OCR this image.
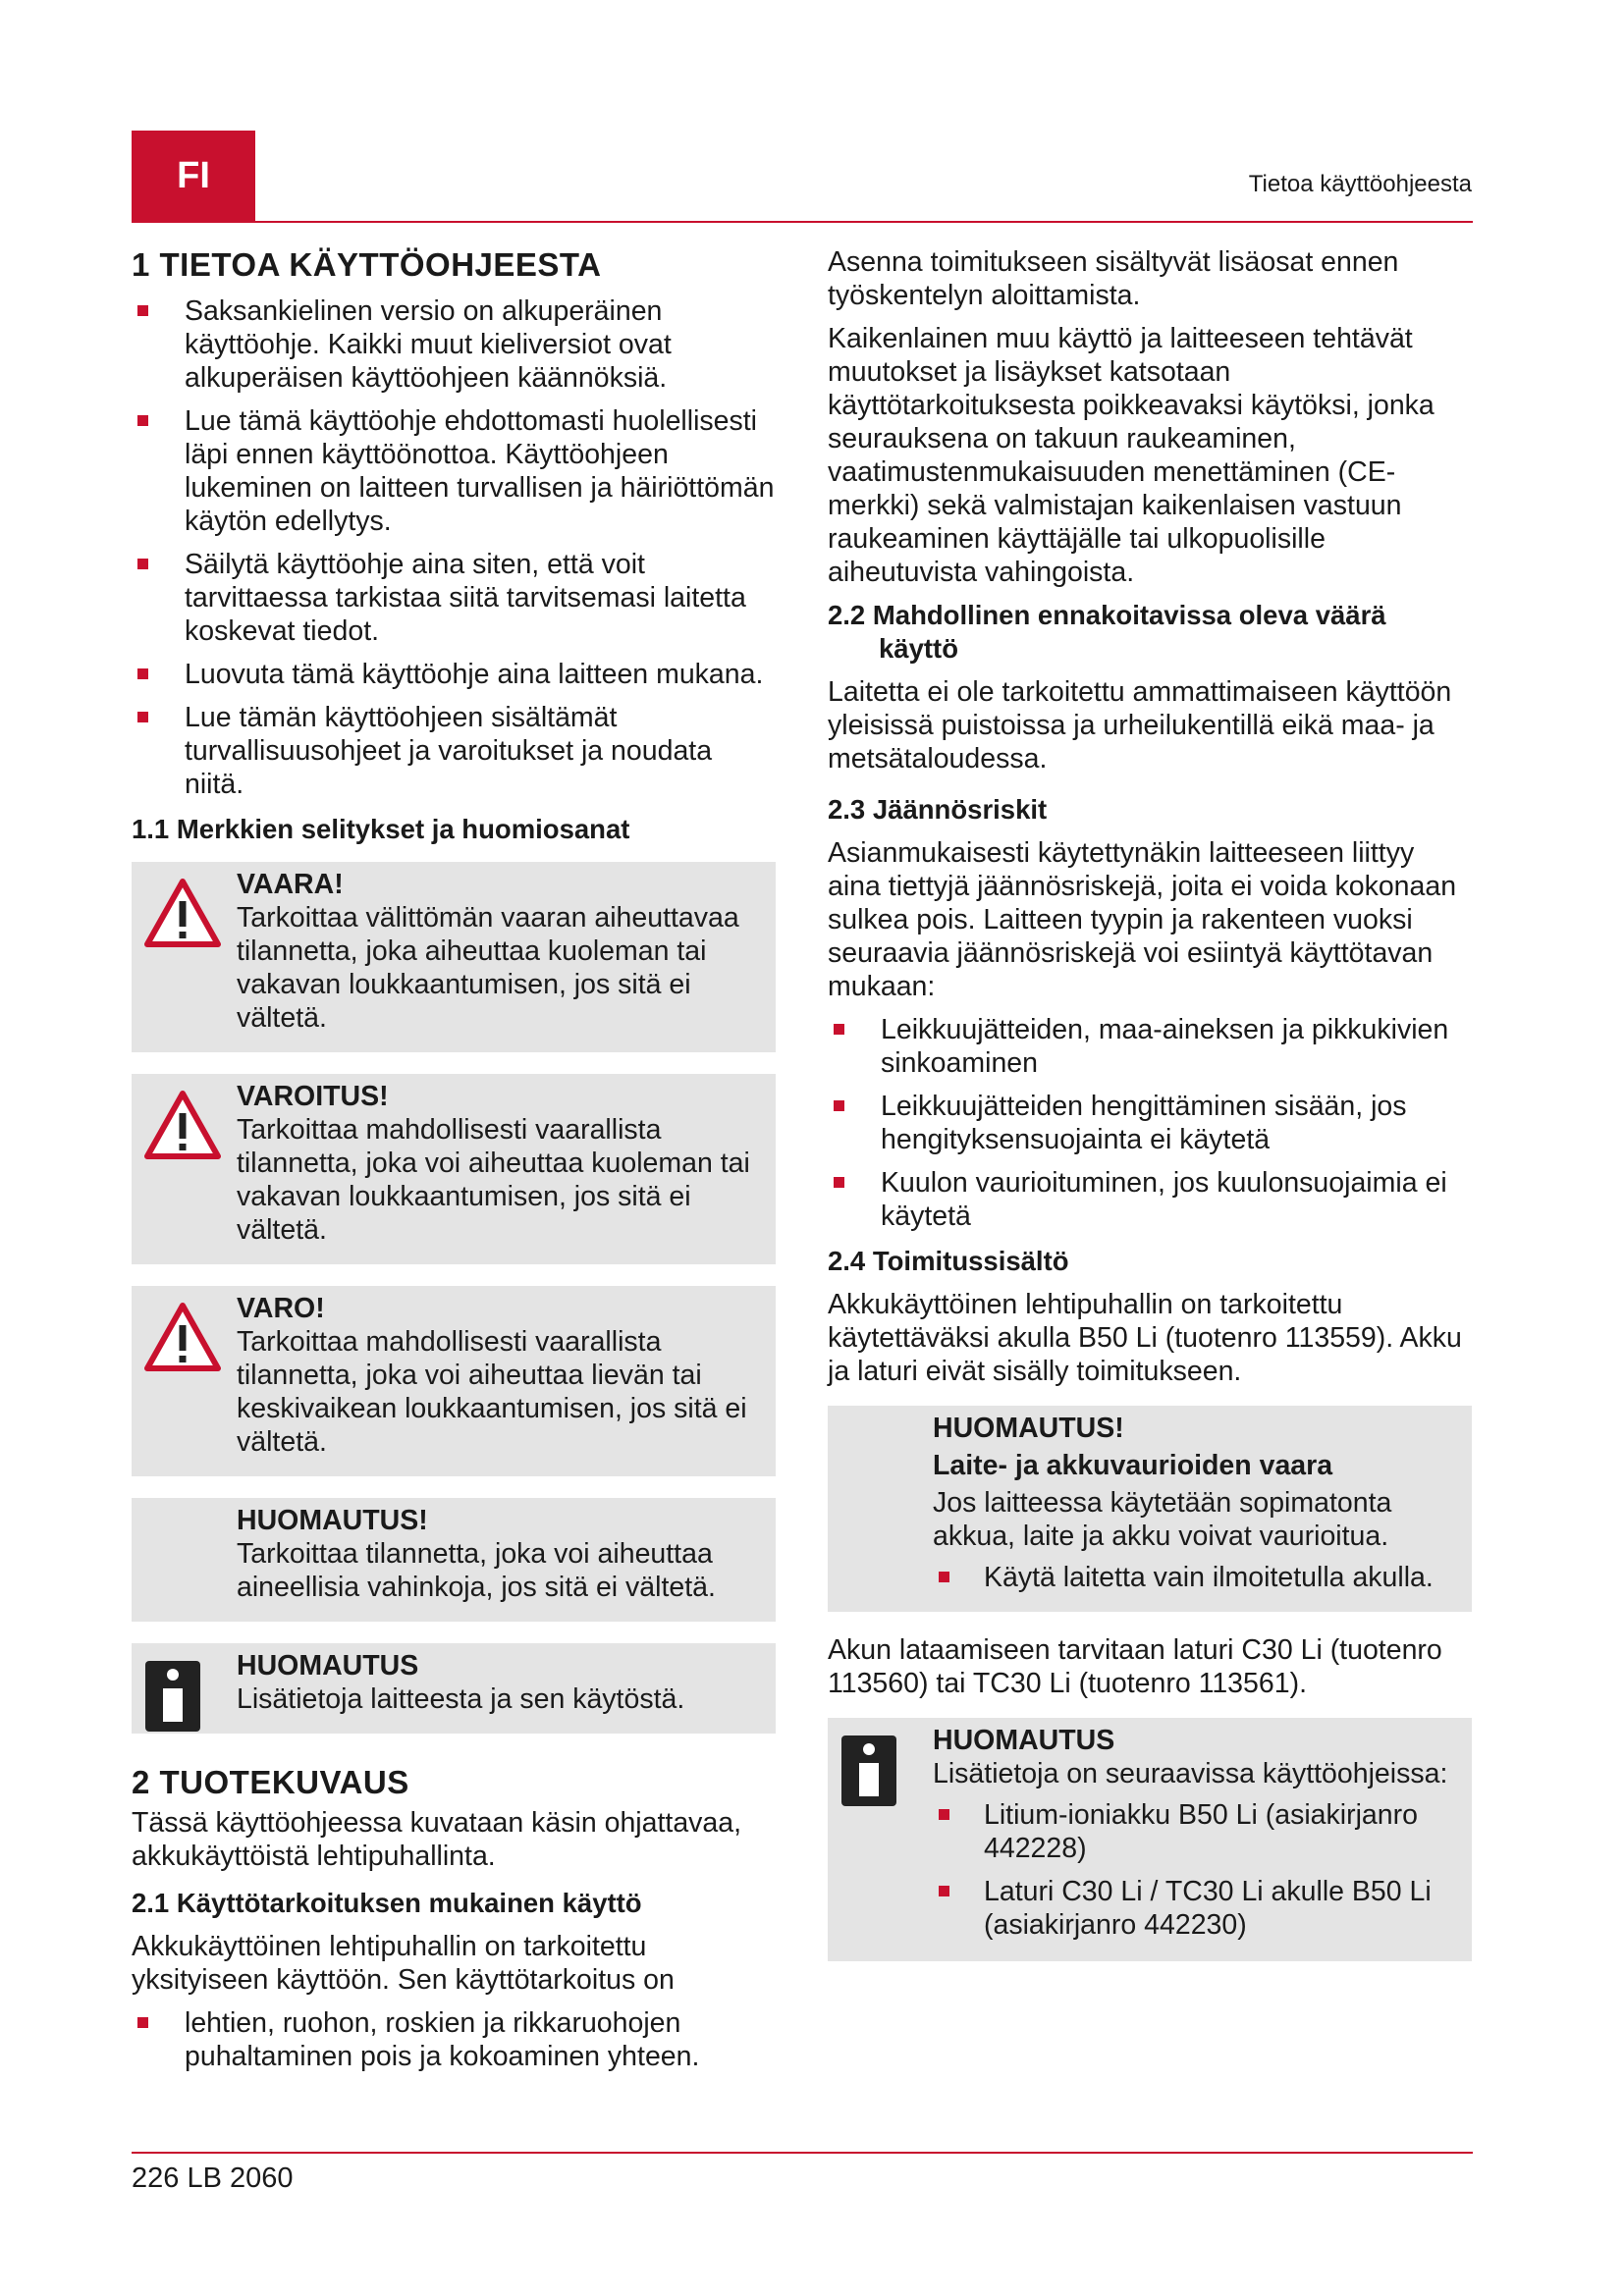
FI	Tietoa käyttöohjeesta
1 TIETOA KÄYTTÖOHJEESTA
Saksankielinen versio on alkuperäinen käyttöohje. Kaikki muut kieliversiot ovat alkuperäisen käyttöohjeen käännöksiä.
Lue tämä käyttöohje ehdottomasti huolellisesti läpi ennen käyttöönottoa. Käyttöohjeen lukeminen on laitteen turvallisen ja häiriöttömän käytön edellytys.
Säilytä käyttöohje aina siten, että voit tarvittaessa tarkistaa siitä tarvitsemasi laitetta koskevat tiedot.
Luovuta tämä käyttöohje aina laitteen mukana.
Lue tämän käyttöohjeen sisältämät turvallisuusohjeet ja varoitukset ja noudata niitä.
1.1 Merkkien selitykset ja huomiosanat

VAARA!

Tarkoittaa välittömän vaaran aiheuttavaa tilannetta, joka aiheuttaa kuoleman tai vakavan loukkaantumisen, jos sitä ei vältetä.

VAROITUS!

Tarkoittaa mahdollisesti vaarallista tilannetta, joka voi aiheuttaa kuoleman tai vakavan loukkaantumisen, jos sitä ei vältetä.

VARO!

Tarkoittaa mahdollisesti vaarallista tilannetta, joka voi aiheuttaa lievän tai keskivaikean loukkaantumisen, jos sitä ei vältetä.

HUOMAUTUS!

Tarkoittaa tilannetta, joka voi aiheuttaa aineellisia vahinkoja, jos sitä ei vältetä.

HUOMAUTUS

Lisätietoja laitteesta ja sen käytöstä.

2 TUOTEKUVAUS

Tässä käyttöohjeessa kuvataan käsin ohjattavaa, akkukäyttöistä lehtipuhallinta.

2.1 Käyttötarkoituksen mukainen käyttö

Akkukäyttöinen lehtipuhallin on tarkoitettu yksityiseen käyttöön. Sen käyttötarkoitus on

lehtien, ruohon, roskien ja rikkaruohojen puhaltaminen pois ja kokoaminen yhteen.

Asenna toimitukseen sisältyvät lisäosat ennen työskentelyn aloittamista.

Kaikenlainen muu käyttö ja laitteeseen tehtävät muutokset ja lisäykset katsotaan käyttötarkoituksesta poikkeavaksi käytöksi, jonka seurauksena on takuun raukeaminen, vaatimustenmukaisuuden menettäminen (CE-merkki) sekä valmistajan kaikenlaisen vastuun raukeaminen käyttäjälle tai ulkopuolisille aiheutuvista vahingoista.

2.2 Mahdollinen ennakoitavissa oleva väärä käyttö

Laitetta ei ole tarkoitettu ammattimaiseen käyttöön yleisissä puistoissa ja urheilukentillä eikä maa- ja metsätaloudessa.

2.3 Jäännösriskit

Asianmukaisesti käytettynäkin laitteeseen liittyy aina tiettyjä jäännösriskejä, joita ei voida kokonaan sulkea pois. Laitteen tyypin ja rakenteen vuoksi seuraavia jäännösriskejä voi esiintyä käyttötavan mukaan:

Leikkuujätteiden, maa-aineksen ja pikkukivien sinkoaminen
Leikkuujätteiden hengittäminen sisään, jos hengityksensuojainta ei käytetä
Kuulon vaurioituminen, jos kuulonsuojaimia ei käytetä
2.4 Toimitussisältö

Akkukäyttöinen lehtipuhallin on tarkoitettu käytettäväksi akulla B50 Li (tuotenro 113559). Akku ja laturi eivät sisälly toimitukseen.

HUOMAUTUS!

Laite- ja akkuvaurioiden vaara

Jos laitteessa käytetään sopimatonta akkua, laite ja akku voivat vaurioitua.

Käytä laitetta vain ilmoitetulla akulla.

Akun lataamiseen tarvitaan laturi C30 Li (tuotenro 113560) tai TC30 Li (tuotenro 113561).

HUOMAUTUS

Lisätietoja on seuraavissa käyttöohjeissa:

Litium-ioniakku B50 Li (asiakirjanro 442228)
Laturi C30 Li / TC30 Li akulle B50 Li (asiakirjanro 442230)
226 LB 2060
